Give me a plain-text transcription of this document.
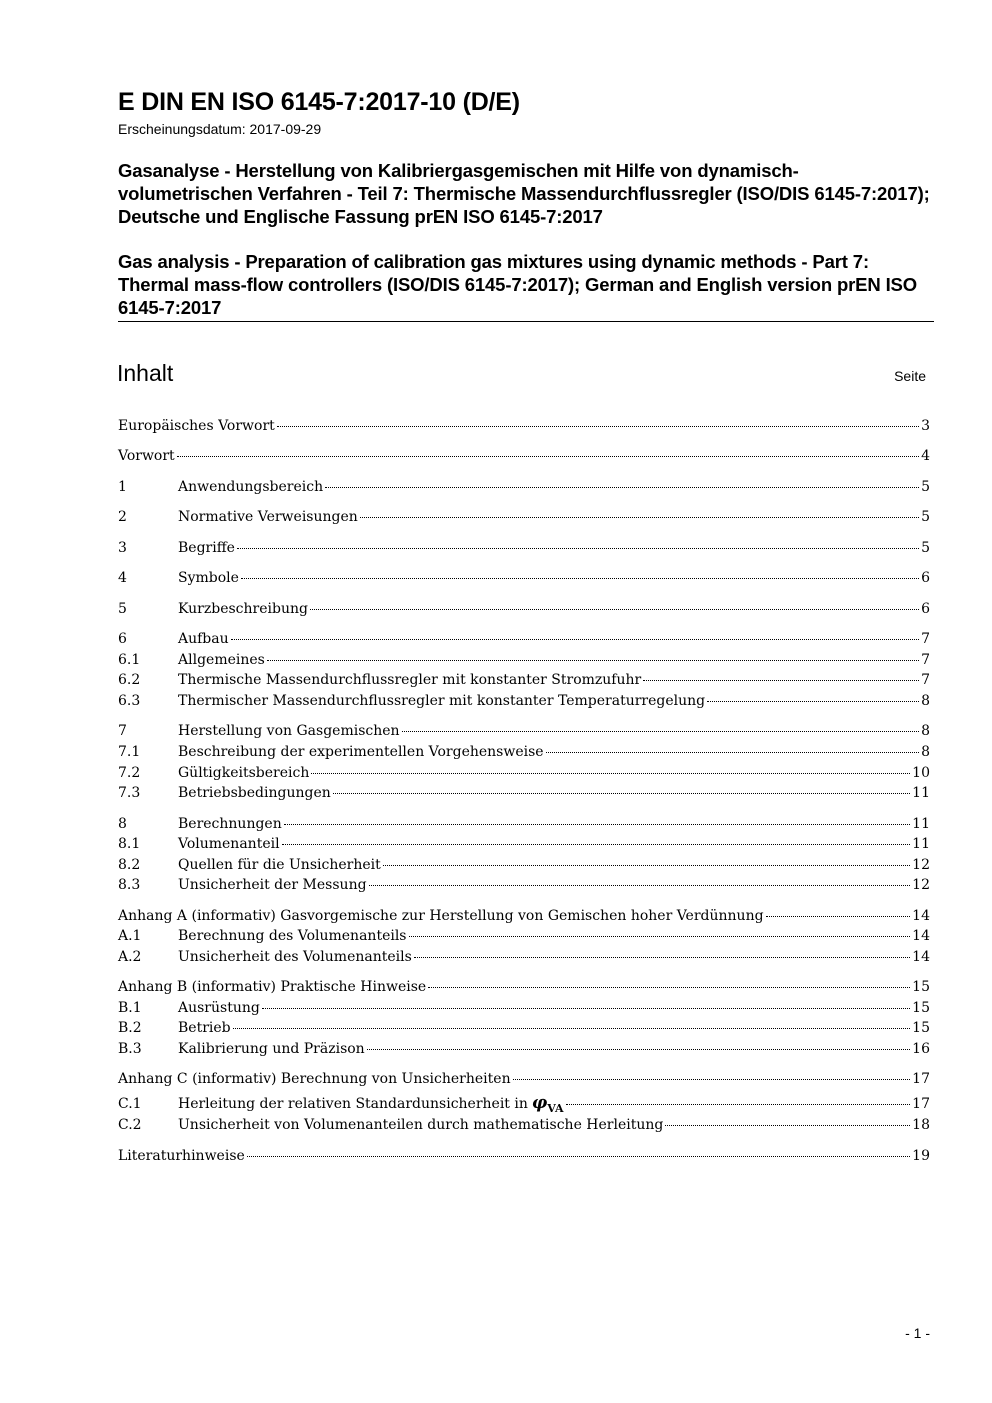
E DIN EN ISO 6145-7:2017-10 (D/E)
Erscheinungsdatum: 2017-09-29
Gasanalyse - Herstellung von Kalibriergasgemischen mit Hilfe von dynamisch-volumetrischen Verfahren - Teil 7: Thermische Massendurchflussregler (ISO/DIS 6145-7:2017); Deutsche und Englische Fassung prEN ISO 6145-7:2017
Gas analysis - Preparation of calibration gas mixtures using dynamic methods - Part 7: Thermal mass-flow controllers (ISO/DIS 6145-7:2017); German and English version prEN ISO 6145-7:2017
Inhalt	Seite
Europäisches Vorwort	3
Vorwort	4
1	Anwendungsbereich	5
2	Normative Verweisungen	5
3	Begriffe	5
4	Symbole	6
5	Kurzbeschreibung	6
6	Aufbau	7
6.1	Allgemeines	7
6.2	Thermische Massendurchflussregler mit konstanter Stromzufuhr	7
6.3	Thermischer Massendurchflussregler mit konstanter Temperaturregelung	8
7	Herstellung von Gasgemischen	8
7.1	Beschreibung der experimentellen Vorgehensweise	8
7.2	Gültigkeitsbereich	10
7.3	Betriebsbedingungen	11
8	Berechnungen	11
8.1	Volumenanteil	11
8.2	Quellen für die Unsicherheit	12
8.3	Unsicherheit der Messung	12
Anhang A (informativ) Gasvorgemische zur Herstellung von Gemischen hoher Verdünnung	14
A.1	Berechnung des Volumenanteils	14
A.2	Unsicherheit des Volumenanteils	14
Anhang B (informativ) Praktische Hinweise	15
B.1	Ausrüstung	15
B.2	Betrieb	15
B.3	Kalibrierung und Präzison	16
Anhang C (informativ) Berechnung von Unsicherheiten	17
C.1	Herleitung der relativen Standardunsicherheit in $\varphi_{VA}$	17
C.2	Unsicherheit von Volumenanteilen durch mathematische Herleitung	18
Literaturhinweise	19
- 1 -
